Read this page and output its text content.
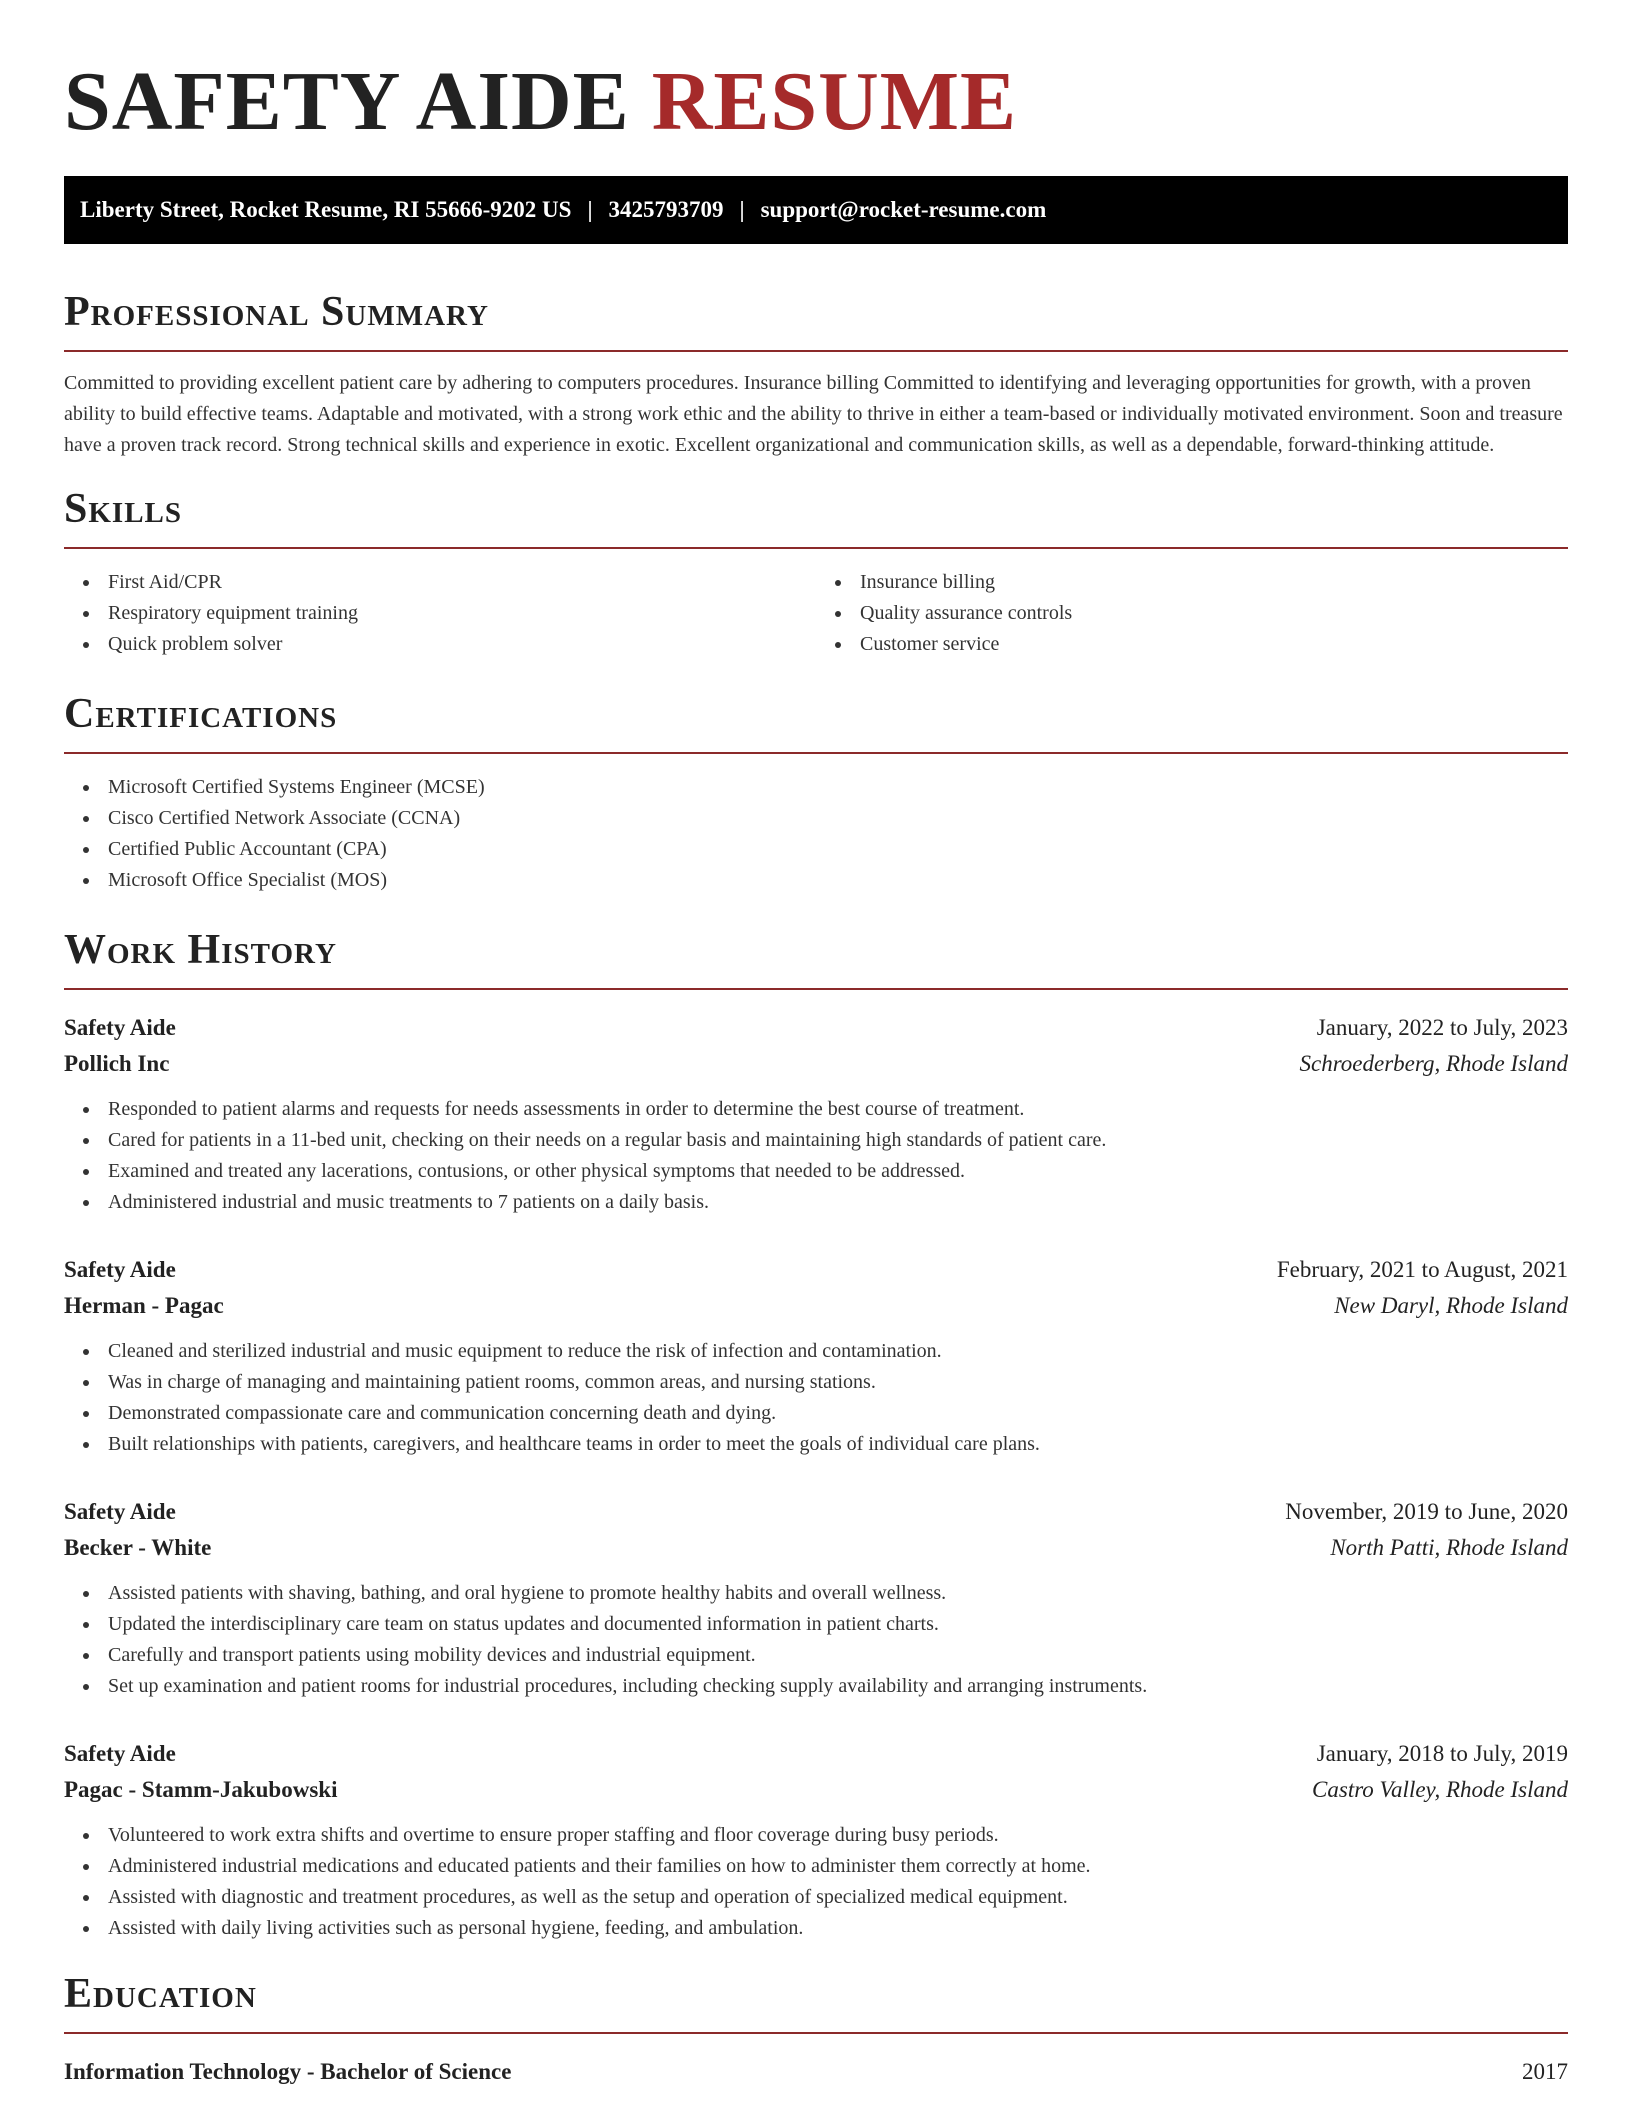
SAFETY AIDE RESUME
Liberty Street, Rocket Resume, RI 55666-9202 US | 3425793709 | support@rocket-resume.com
Professional Summary

Committed to providing excellent patient care by adhering to computers procedures. Insurance billing Committed to identifying and leveraging opportunities for growth, with a proven ability to build effective teams. Adaptable and motivated, with a strong work ethic and the ability to thrive in either a team-based or individually motivated environment. Soon and treasure have a proven track record. Strong technical skills and experience in exotic. Excellent organizational and communication skills, as well as a dependable, forward-thinking attitude.

Skills
First Aid/CPR
Respiratory equipment training
Quick problem solver
Insurance billing
Quality assurance controls
Customer service
Certifications
Microsoft Certified Systems Engineer (MCSE)
Cisco Certified Network Associate (CCNA)
Certified Public Accountant (CPA)
Microsoft Office Specialist (MOS)
Work History
Safety Aide	January, 2022 to July, 2023
Pollich Inc	Schroederberg, Rhode Island
Responded to patient alarms and requests for needs assessments in order to determine the best course of treatment.
Cared for patients in a 11-bed unit, checking on their needs on a regular basis and maintaining high standards of patient care.
Examined and treated any lacerations, contusions, or other physical symptoms that needed to be addressed.
Administered industrial and music treatments to 7 patients on a daily basis.
Safety Aide	February, 2021 to August, 2021
Herman - Pagac	New Daryl, Rhode Island
Cleaned and sterilized industrial and music equipment to reduce the risk of infection and contamination.
Was in charge of managing and maintaining patient rooms, common areas, and nursing stations.
Demonstrated compassionate care and communication concerning death and dying.
Built relationships with patients, caregivers, and healthcare teams in order to meet the goals of individual care plans.
Safety Aide	November, 2019 to June, 2020
Becker - White	North Patti, Rhode Island
Assisted patients with shaving, bathing, and oral hygiene to promote healthy habits and overall wellness.
Updated the interdisciplinary care team on status updates and documented information in patient charts.
Carefully and transport patients using mobility devices and industrial equipment.
Set up examination and patient rooms for industrial procedures, including checking supply availability and arranging instruments.
Safety Aide	January, 2018 to July, 2019
Pagac - Stamm-Jakubowski	Castro Valley, Rhode Island
Volunteered to work extra shifts and overtime to ensure proper staffing and floor coverage during busy periods.
Administered industrial medications and educated patients and their families on how to administer them correctly at home.
Assisted with diagnostic and treatment procedures, as well as the setup and operation of specialized medical equipment.
Assisted with daily living activities such as personal hygiene, feeding, and ambulation.
Education
Information Technology - Bachelor of Science	2017
